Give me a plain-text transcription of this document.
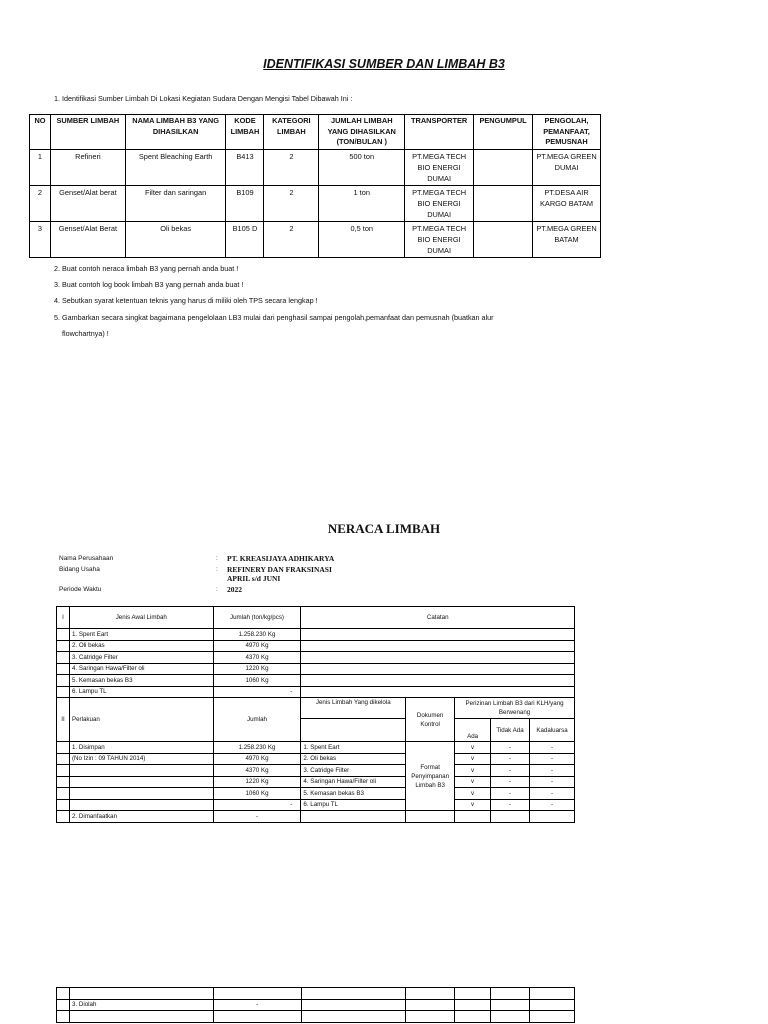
IDENTIFIKASI SUMBER DAN LIMBAH B3
1. Identifikasi Sumber Limbah Di Lokasi Kegiatan Sudara Dengan Mengisi Tabel Dibawah Ini :
NO	SUMBER LIMBAH	NAMA LIMBAH B3 YANG DIHASILKAN	KODE LIMBAH	KATEGORI LIMBAH	JUMLAH LIMBAH YANG DIHASILKAN (TON/BULAN )	TRANSPORTER	PENGUMPUL	PENGOLAH, PEMANFAAT, PEMUSNAH
1	Refineri	Spent Bleaching Earth	B413	2	500 ton	PT.MEGA TECH BIO ENERGI DUMAI		PT.MEGA GREEN DUMAI
2	Genset/Alat berat	Filter dan saringan	B109	2	1 ton	PT.MEGA TECH BIO ENERGI DUMAI		PT.DESA AIR KARGO BATAM
3	Genset/Alat Berat	Oli bekas	B105 D	2	0,5 ton	PT.MEGA TECH BIO ENERGI DUMAI		PT.MEGA GREEN BATAM
2. Buat contoh neraca limbah B3 yang pernah anda buat !
3. Buat contoh log book limbah B3 yang pernah anda buat !
4. Sebutkan syarat ketentuan teknis yang harus di miliki oleh TPS secara lengkap !
5. Gambarkan secara singkat bagaimana pengelolaan LB3 mulai dari penghasil sampai pengolah,pemanfaat dan pemusnah (buatkan alur
flowchartnya) !
NERACA LIMBAH
Nama Perusahaan	: PT. KREASIJAYA ADHIKARYA
Bidang Usaha	: REFINERY DAN FRAKSINASI
APRIL s/d JUNI
Periode Waktu	: 2022
I	Jenis Awal Limbah	Jumlah (ton/kg/pcs)	Catatan				
	1. Spent Eart	1.258.230 Kg					
	2. Oli bekas	4970 Kg					
	3. Catridge Filter	4370 Kg					
	4. Saringan Hawa/Filter oli	1220 Kg					
	5. Kemasan bekas B3	1060 Kg					
	6. Lampu TL	-					
II	Perlakuan	Jumlah	Jenis Limbah Yang dikelola	Dokumen Kontrol	Perizinan Limbah B3 dari KLH/yang Berwenang		
					Ada	Tidak Ada	Kadaluarsa

	1. Disimpan	1.258.230 Kg	1. Spent Eart	Format Penyimpanan Limbah B3	v	-	-
	(No Izin : 09 TAHUN 2014)	4970 Kg	2. Oli bekas		v	-	-
		4370 Kg	3. Catridge Filter		v	-	-
		1220 Kg	4. Saringan Hawa/Filter oli		v	-	-
		1060 Kg	5. Kemasan bekas B3		v	-	-
		-	6. Lampu TL		v	-	-
	2. Dimanfaatkan	-					

	3. Diolah	-					
